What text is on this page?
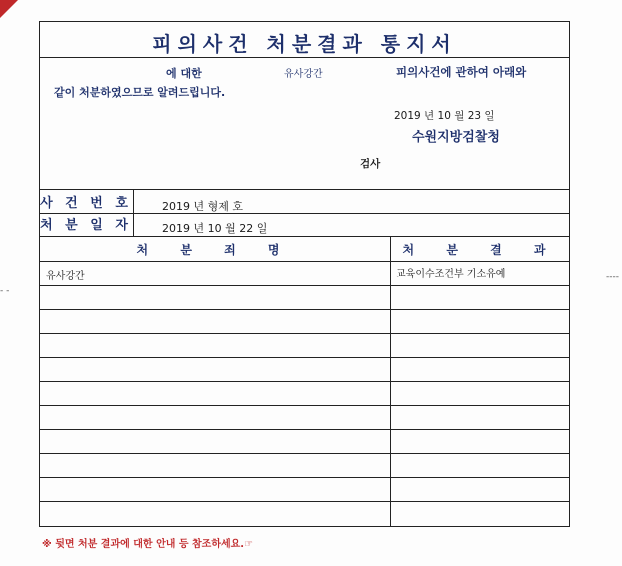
- -
----
피의사건 처분결과 통지서
에 대한	유사강간	피의사건에 관하여 아래와
같이 처분하였으므로 알려드립니다.
2019 년 10 월 23 일
수원지방검찰청
검사
사 건 번 호	2019 년 형제 호
처 분 일 자	2019 년 10 월 22 일
처 분 죄 명	처 분 결 과
유사강간	교육이수조건부 기소유예
※ 뒷면 처분 결과에 대한 안내 등 참조하세요.☞
